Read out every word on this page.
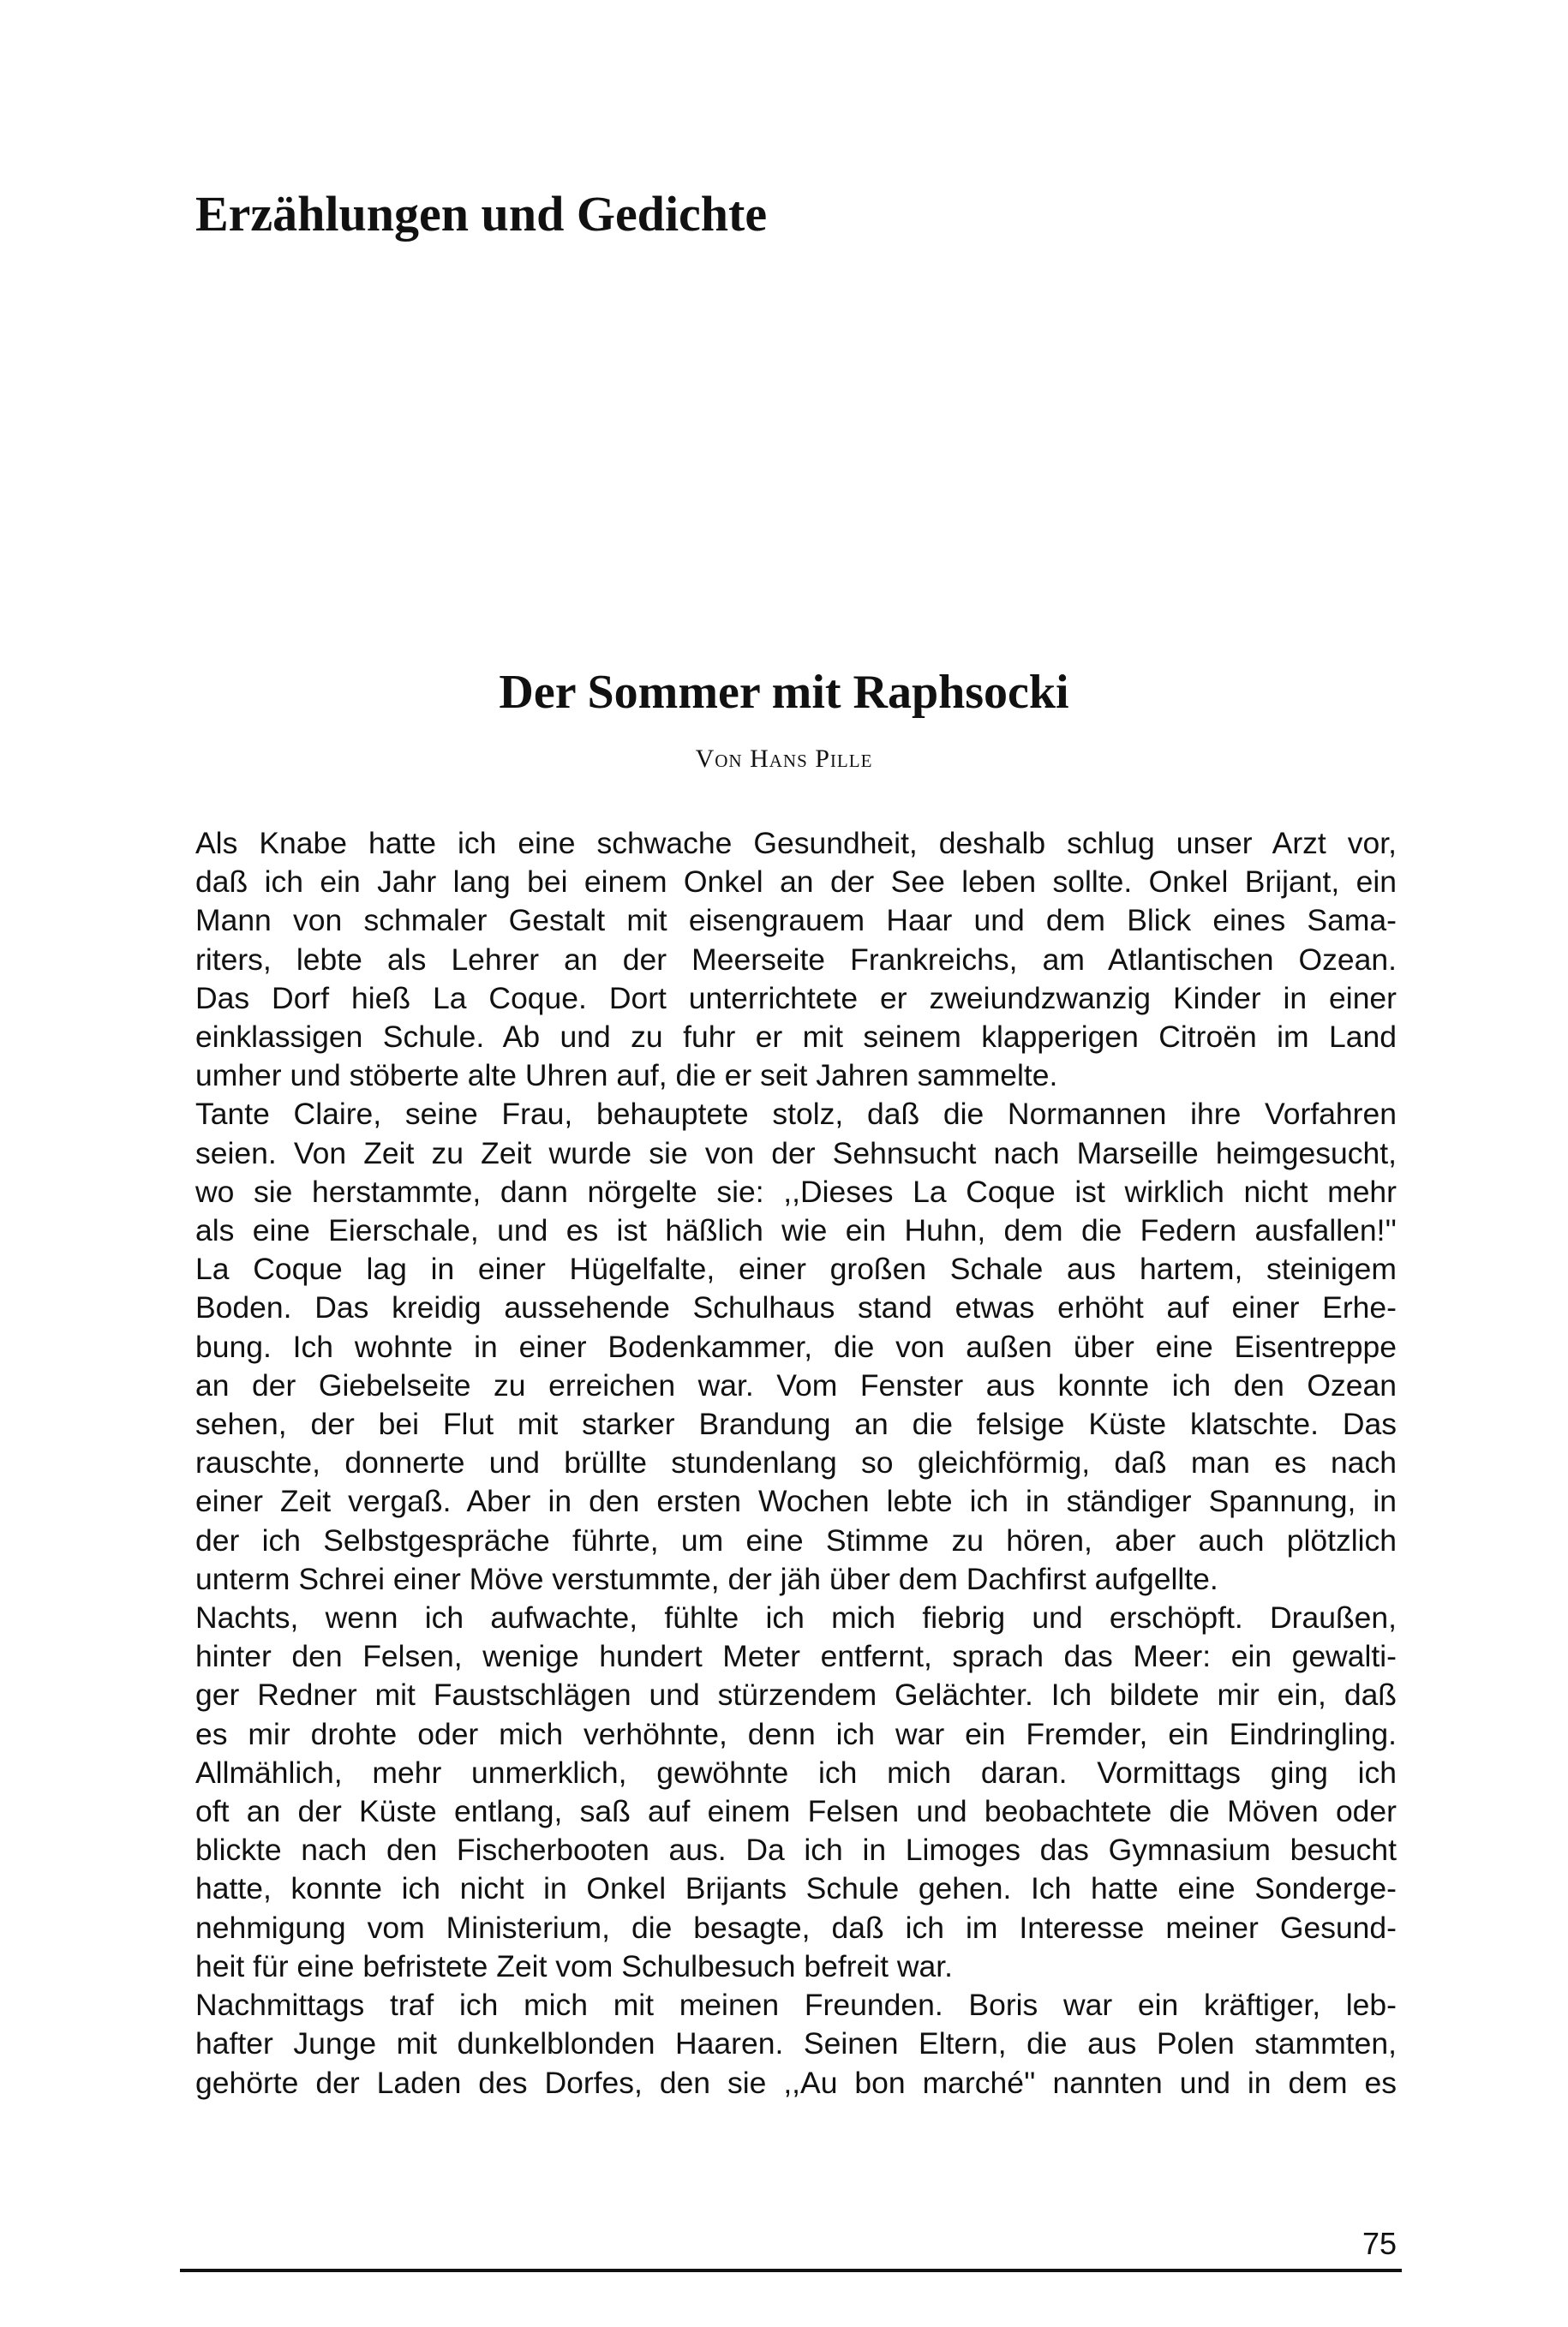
Erzählungen und Gedichte
Der Sommer mit Raphsocki
Von Hans Pille
Als Knabe hatte ich eine schwache Gesundheit, deshalb schlug unser Arzt vor,
daß ich ein Jahr lang bei einem Onkel an der See leben sollte. Onkel Brijant, ein
Mann von schmaler Gestalt mit eisengrauem Haar und dem Blick eines Sama-
riters, lebte als Lehrer an der Meerseite Frankreichs, am Atlantischen Ozean.
Das Dorf hieß La Coque. Dort unterrichtete er zweiundzwanzig Kinder in einer
einklassigen Schule. Ab und zu fuhr er mit seinem klapperigen Citroën im Land
umher und stöberte alte Uhren auf, die er seit Jahren sammelte.
Tante Claire, seine Frau, behauptete stolz, daß die Normannen ihre Vorfahren
seien. Von Zeit zu Zeit wurde sie von der Sehnsucht nach Marseille heimgesucht,
wo sie herstammte, dann nörgelte sie: ,,Dieses La Coque ist wirklich nicht mehr
als eine Eierschale, und es ist häßlich wie ein Huhn, dem die Federn ausfallen!''
La Coque lag in einer Hügelfalte, einer großen Schale aus hartem, steinigem
Boden. Das kreidig aussehende Schulhaus stand etwas erhöht auf einer Erhe-
bung. Ich wohnte in einer Bodenkammer, die von außen über eine Eisentreppe
an der Giebelseite zu erreichen war. Vom Fenster aus konnte ich den Ozean
sehen, der bei Flut mit starker Brandung an die felsige Küste klatschte. Das
rauschte, donnerte und brüllte stundenlang so gleichförmig, daß man es nach
einer Zeit vergaß. Aber in den ersten Wochen lebte ich in ständiger Spannung, in
der ich Selbstgespräche führte, um eine Stimme zu hören, aber auch plötzlich
unterm Schrei einer Möve verstummte, der jäh über dem Dachfirst aufgellte.
Nachts, wenn ich aufwachte, fühlte ich mich fiebrig und erschöpft. Draußen,
hinter den Felsen, wenige hundert Meter entfernt, sprach das Meer: ein gewalti-
ger Redner mit Faustschlägen und stürzendem Gelächter. Ich bildete mir ein, daß
es mir drohte oder mich verhöhnte, denn ich war ein Fremder, ein Eindringling.
Allmählich, mehr unmerklich, gewöhnte ich mich daran. Vormittags ging ich
oft an der Küste entlang, saß auf einem Felsen und beobachtete die Möven oder
blickte nach den Fischerbooten aus. Da ich in Limoges das Gymnasium besucht
hatte, konnte ich nicht in Onkel Brijants Schule gehen. Ich hatte eine Sonderge-
nehmigung vom Ministerium, die besagte, daß ich im Interesse meiner Gesund-
heit für eine befristete Zeit vom Schulbesuch befreit war.
Nachmittags traf ich mich mit meinen Freunden. Boris war ein kräftiger, leb-
hafter Junge mit dunkelblonden Haaren. Seinen Eltern, die aus Polen stammten,
gehörte der Laden des Dorfes, den sie ,,Au bon marché'' nannten und in dem es
75
